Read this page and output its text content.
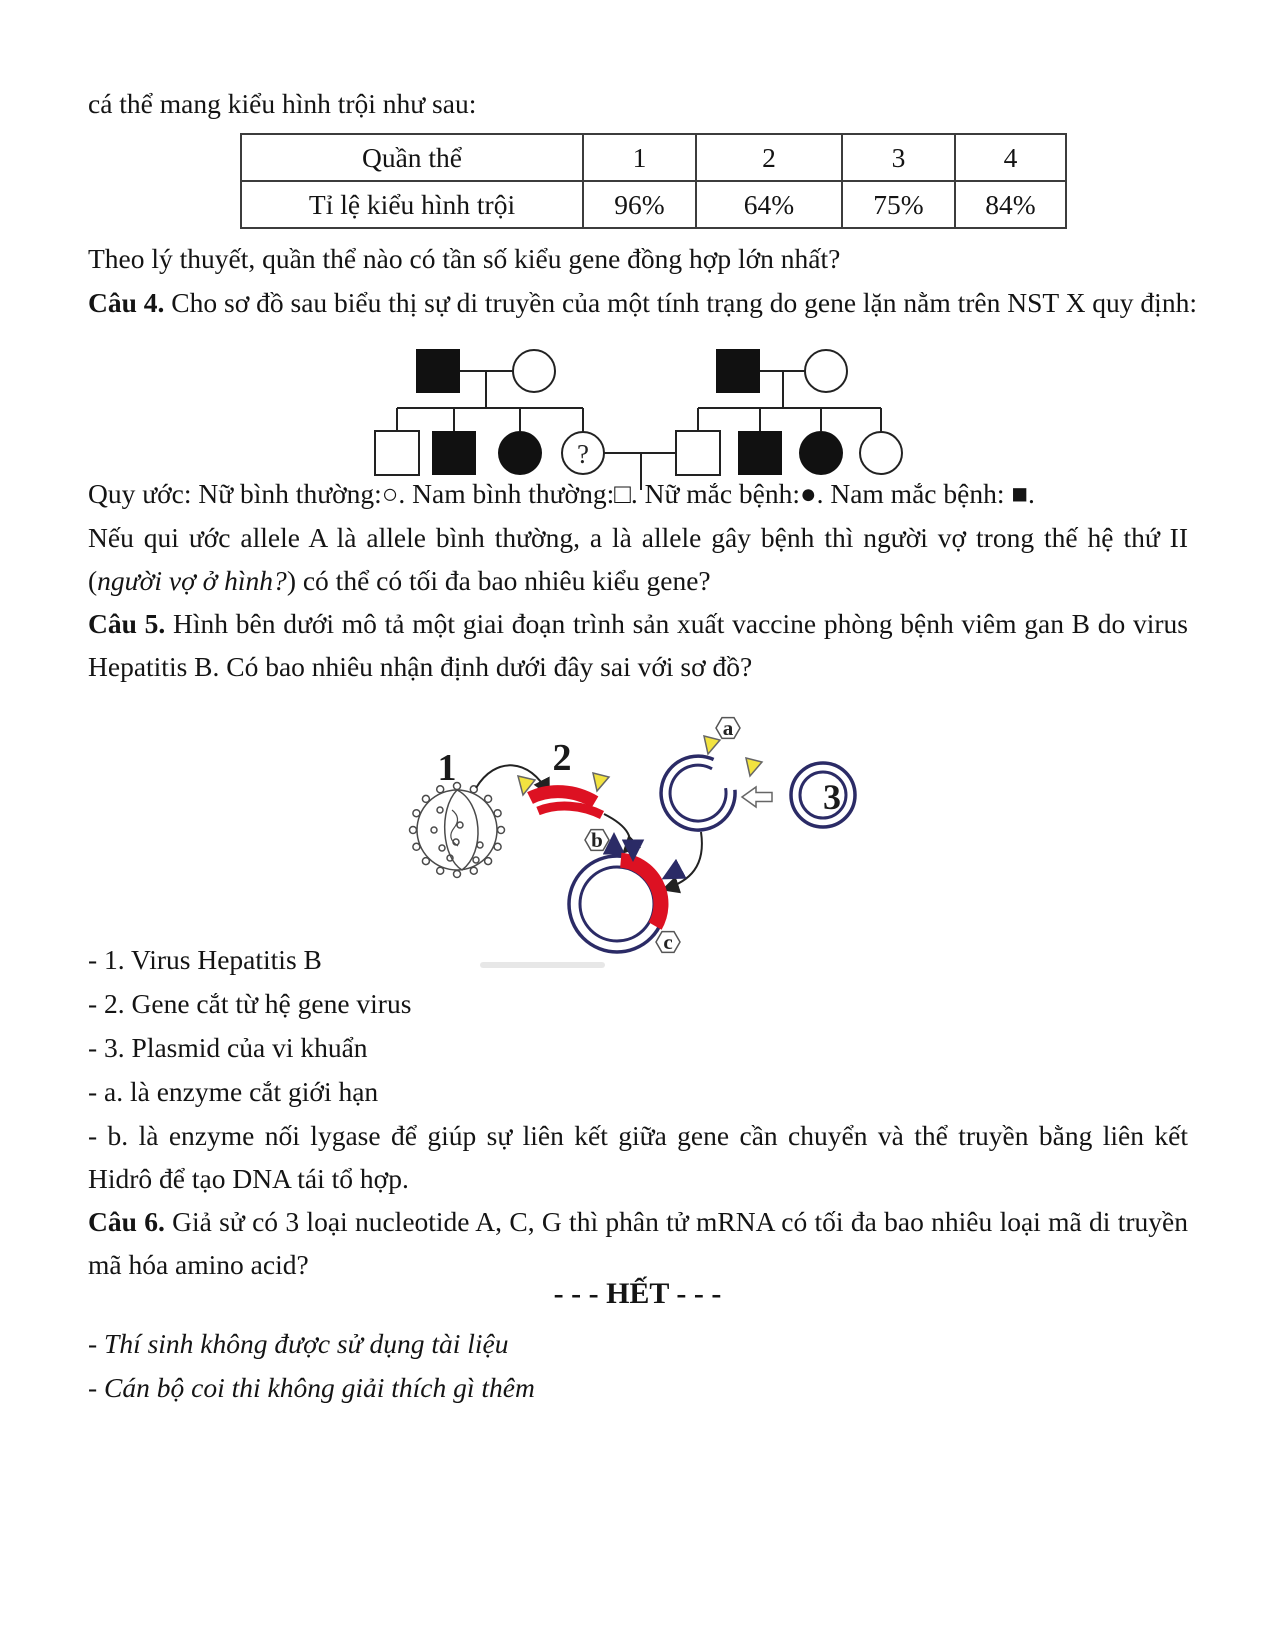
cá thể mang kiểu hình trội như sau:
Quần thể	1	2	3	4
Tỉ lệ kiểu hình trội	96%	64%	75%	84%
Theo lý thuyết, quần thể nào có tần số kiểu gene đồng hợp lớn nhất?
Câu 4. Cho sơ đồ sau biểu thị sự di truyền của một tính trạng do gene lặn nằm trên NST X quy định:
?
Quy ước: Nữ bình thường:○. Nam bình thường:□. Nữ mắc bệnh:●. Nam mắc bệnh: ■.
Nếu qui ước allele A là allele bình thường, a là allele gây bệnh thì người vợ trong thế hệ thứ II (người vợ ở hình?) có thể có tối đa bao nhiêu kiểu gene?
Câu 5. Hình bên dưới mô tả một giai đoạn trình sản xuất vaccine phòng bệnh viêm gan B do virus Hepatitis B. Có bao nhiêu nhận định dưới đây sai với sơ đồ?
1	2
b
a
3
c
- 1. Virus Hepatitis B
- 2. Gene cắt từ hệ gene virus
- 3. Plasmid của vi khuẩn
- a. là enzyme cắt giới hạn
- b. là enzyme nối lygase để giúp sự liên kết giữa gene cần chuyển và thể truyền bằng liên kết Hidrô để tạo DNA tái tổ hợp.
Câu 6. Giả sử có 3 loại nucleotide A, C, G thì phân tử mRNA có tối đa bao nhiêu loại mã di truyền mã hóa amino acid?
- - - HẾT - - -
- Thí sinh không được sử dụng tài liệu
- Cán bộ coi thi không giải thích gì thêm
